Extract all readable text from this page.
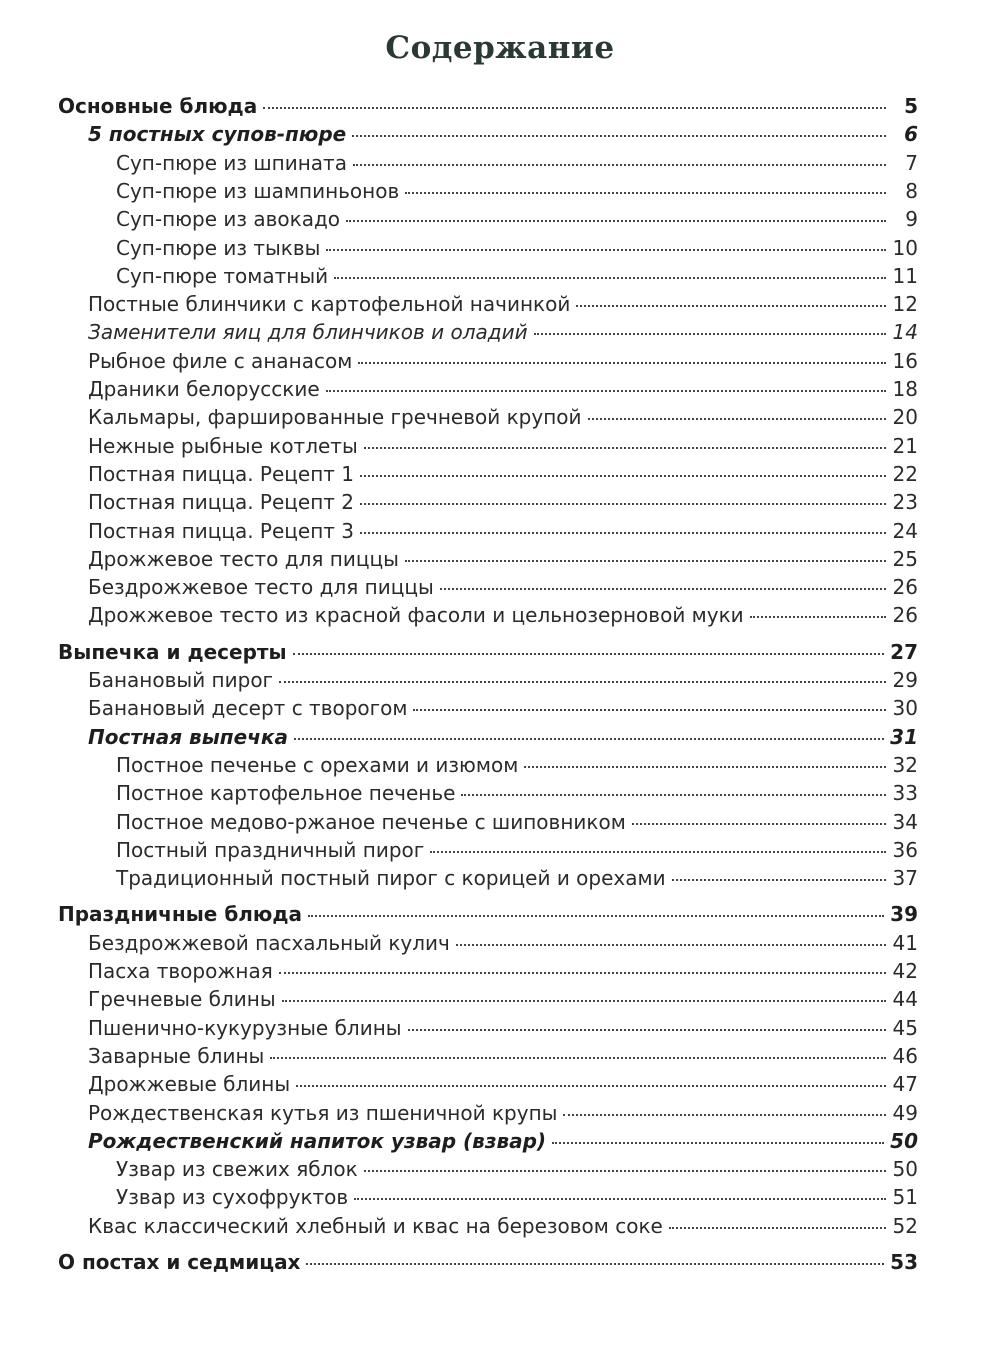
Содержание
Основные блюда	5
5 постных супов-пюре	6
Суп-пюре из шпината	7
Суп-пюре из шампиньонов	8
Суп-пюре из авокадо	9
Суп-пюре из тыквы	10
Суп-пюре томатный	11
Постные блинчики с картофельной начинкой	12
Заменители яиц для блинчиков и оладий	14
Рыбное филе с ананасом	16
Драники белорусские	18
Кальмары, фаршированные гречневой крупой	20
Нежные рыбные котлеты	21
Постная пицца. Рецепт 1	22
Постная пицца. Рецепт 2	23
Постная пицца. Рецепт 3	24
Дрожжевое тесто для пиццы	25
Бездрожжевое тесто для пиццы	26
Дрожжевое тесто из красной фасоли и цельнозерновой муки	26
Выпечка и десерты	27
Банановый пирог	29
Банановый десерт с творогом	30
Постная выпечка	31
Постное печенье с орехами и изюмом	32
Постное картофельное печенье	33
Постное медово-ржаное печенье с шиповником	34
Постный праздничный пирог	36
Традиционный постный пирог с корицей и орехами	37
Праздничные блюда	39
Бездрожжевой пасхальный кулич	41
Пасха творожная	42
Гречневые блины	44
Пшенично-кукурузные блины	45
Заварные блины	46
Дрожжевые блины	47
Рождественская кутья из пшеничной крупы	49
Рождественский напиток узвар (взвар)	50
Узвар из свежих яблок	50
Узвар из сухофруктов	51
Квас классический хлебный и квас на березовом соке	52
О постах и седмицах	53
